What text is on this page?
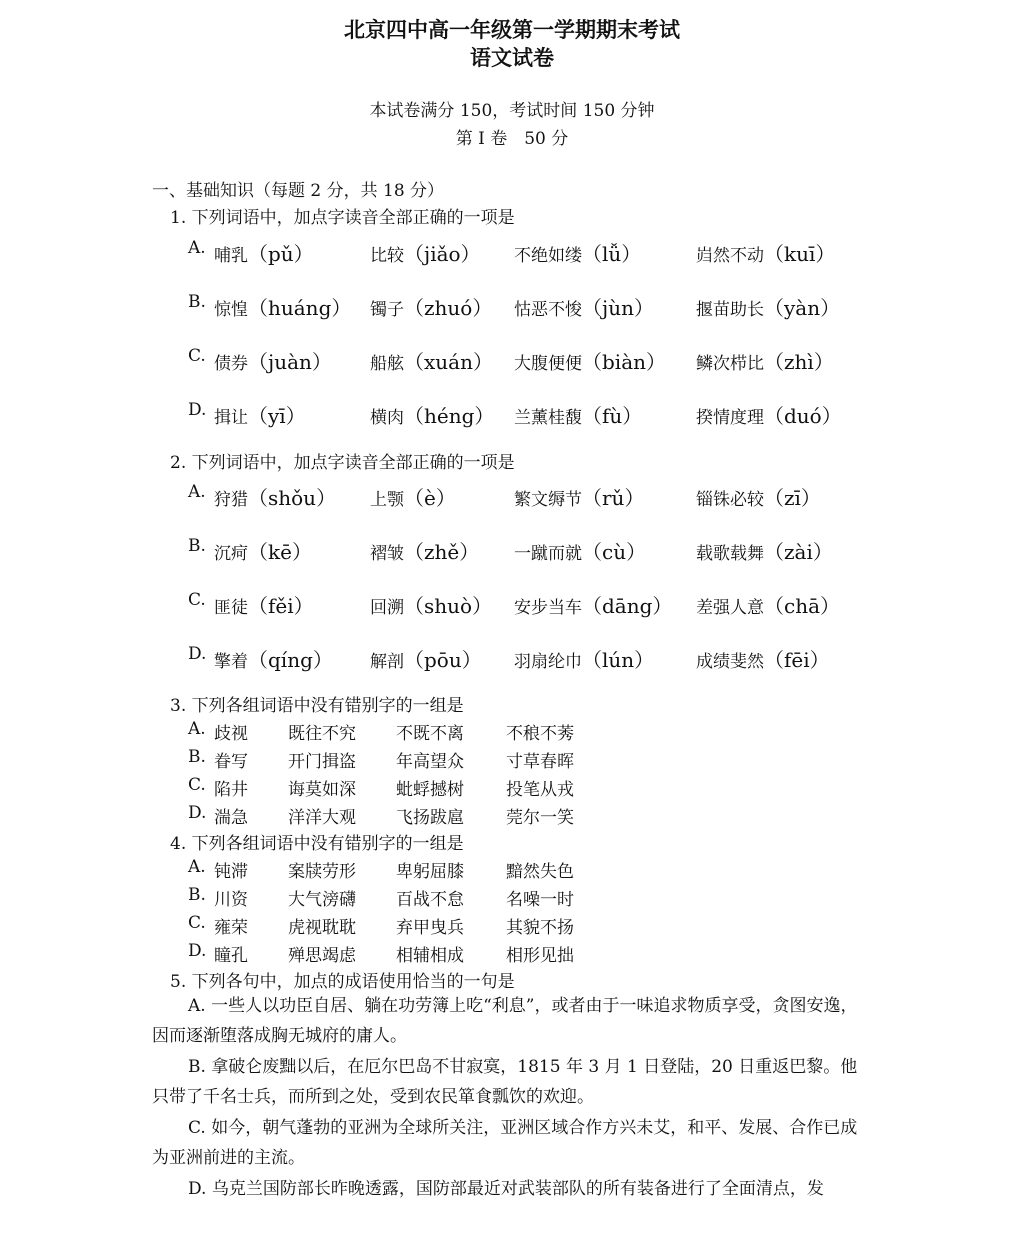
北京四中高一年级第一学期期末考试
语文试卷
本试卷满分 150，考试时间 150 分钟
第 I 卷　50 分
一、基础知识（每题 2 分，共 18 分）
1. 下列词语中，加点字读音全部正确的一项是
A. 哺乳（pǔ）	比较（jiǎo） 不绝如缕（lǚ）	岿然不动（kuī）
B. 惊惶（huáng） 镯子（zhuó） 怙恶不悛（jùn） 揠苗助长（yàn）
C. 债券（juàn） 船舷（xuán） 大腹便便（biàn） 鳞次栉比（zhì）
D. 揖让（yī）	横肉（héng） 兰薰桂馥（fù）	揆情度理（duó）
2. 下列词语中，加点字读音全部正确的一项是
A. 狩猎（shǒu） 上颚（è）	繁文缛节（rǔ）	锱铢必较（zī）
B. 沉疴（kē）	褶皱（zhě） 一蹴而就（cù）	载歌载舞（zài）
C. 匪徒（fěi）	回溯（shuò） 安步当车（dāng） 差强人意（chā）
D. 擎着（qíng） 解剖（pōu） 羽扇纶巾（lún） 成绩斐然（fēi）
3. 下列各组词语中没有错别字的一组是
A. 歧视 既往不究 不既不离 不稂不莠
B. 眷写 开门揖盗 年高望众 寸草春晖
C. 陷井 诲莫如深 蚍蜉撼树 投笔从戎
D. 湍急 洋洋大观 飞扬跋扈 莞尔一笑
4. 下列各组词语中没有错别字的一组是
A. 钝滞 案牍劳形 卑躬屈膝 黯然失色
B. 川资 大气滂礴 百战不怠 名噪一时
C. 雍荣 虎视耽耽 弃甲曳兵 其貌不扬
D. 瞳孔 殚思竭虑 相辅相成 相形见拙
5. 下列各句中，加点的成语使用恰当的一句是
A. 一些人以功臣自居、躺在功劳簿上吃“利息”，或者由于一味追求物质享受，贪图安逸，因而逐渐堕落成胸无城府的庸人。
B. 拿破仑废黜以后，在厄尔巴岛不甘寂寞，1815 年 3 月 1 日登陆，20 日重返巴黎。他只带了千名士兵，而所到之处，受到农民箪食瓢饮的欢迎。
C. 如今，朝气蓬勃的亚洲为全球所关注，亚洲区域合作方兴未艾，和平、发展、合作已成为亚洲前进的主流。
D. 乌克兰国防部长昨晚透露，国防部最近对武装部队的所有装备进行了全面清点，发
